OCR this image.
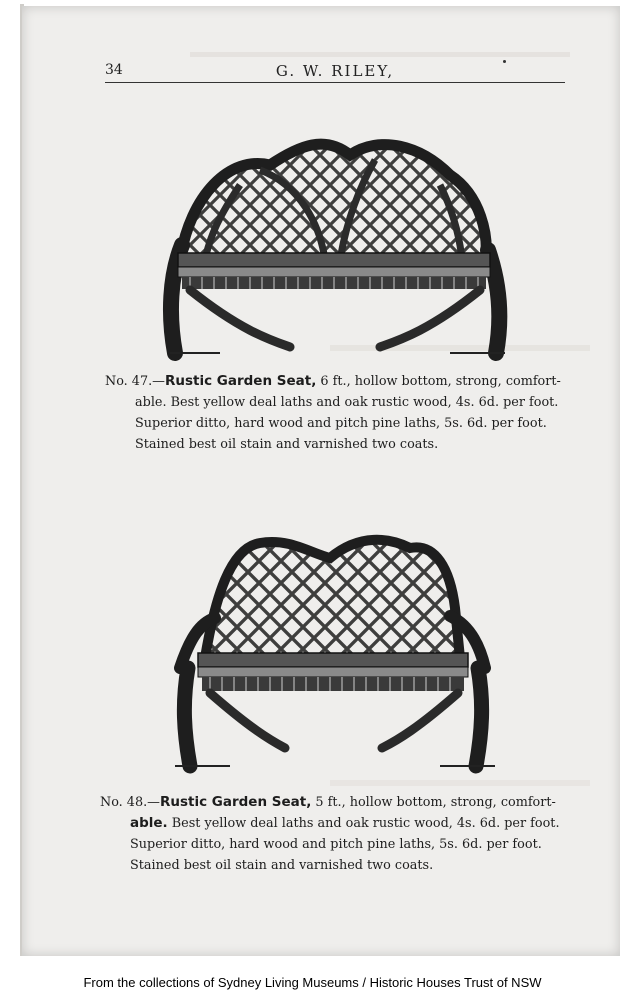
34	G. W. RILEY,

No. 47.—Rustic Garden Seat, 6 ft., hollow bottom, strong, comfort-

able. Best yellow deal laths and oak rustic wood, 4s. 6d. per foot.

Superior ditto, hard wood and pitch pine laths, 5s. 6d. per foot.

Stained best oil stain and varnished two coats.

No. 48.—Rustic Garden Seat, 5 ft., hollow bottom, strong, comfort-

able. Best yellow deal laths and oak rustic wood, 4s. 6d. per foot.

Superior ditto, hard wood and pitch pine laths, 5s. 6d. per foot.

Stained best oil stain and varnished two coats.

From the collections of Sydney Living Museums / Historic Houses Trust of NSW
